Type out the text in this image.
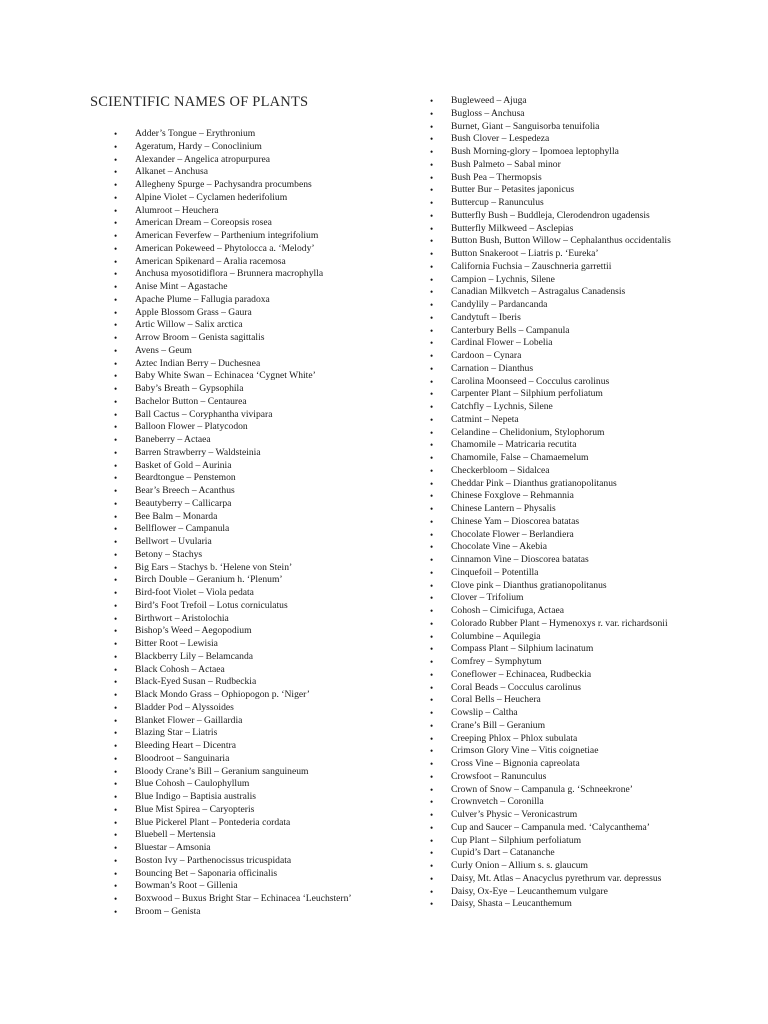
SCIENTIFIC NAMES OF PLANTS
• Adder’s Tongue – Erythronium
• Ageratum, Hardy – Conoclinium
• Alexander – Angelica atropurpurea
• Alkanet – Anchusa
• Allegheny Spurge – Pachysandra procumbens
• Alpine Violet – Cyclamen hederifolium
• Alumroot – Heuchera
• American Dream – Coreopsis rosea
• American Feverfew – Parthenium integrifolium
• American Pokeweed – Phytolocca a. ‘Melody’
• American Spikenard – Aralia racemosa
• Anchusa myosotidiflora – Brunnera macrophylla
• Anise Mint – Agastache
• Apache Plume – Fallugia paradoxa
• Apple Blossom Grass – Gaura
• Artic Willow – Salix arctica
• Arrow Broom – Genista sagittalis
• Avens – Geum
• Aztec Indian Berry – Duchesnea
• Baby White Swan – Echinacea ‘Cygnet White’
• Baby’s Breath – Gypsophila
• Bachelor Button – Centaurea
• Ball Cactus – Coryphantha vivipara
• Balloon Flower – Platycodon
• Baneberry – Actaea
• Barren Strawberry – Waldsteinia
• Basket of Gold – Aurinia
• Beardtongue – Penstemon
• Bear’s Breech – Acanthus
• Beautyberry – Callicarpa
• Bee Balm – Monarda
• Bellflower – Campanula
• Bellwort – Uvularia
• Betony – Stachys
• Big Ears – Stachys b. ‘Helene von Stein’
• Birch Double – Geranium h. ‘Plenum’
• Bird-foot Violet – Viola pedata
• Bird’s Foot Trefoil – Lotus corniculatus
• Birthwort – Aristolochia
• Bishop’s Weed – Aegopodium
• Bitter Root – Lewisia
• Blackberry Lily – Belamcanda
• Black Cohosh – Actaea
• Black-Eyed Susan – Rudbeckia
• Black Mondo Grass – Ophiopogon p. ‘Niger’
• Bladder Pod – Alyssoides
• Blanket Flower – Gaillardia
• Blazing Star – Liatris
• Bleeding Heart – Dicentra
• Bloodroot – Sanguinaria
• Bloody Crane’s Bill – Geranium sanguineum
• Blue Cohosh – Caulophyllum
• Blue Indigo – Baptisia australis
• Blue Mist Spirea – Caryopteris
• Blue Pickerel Plant – Pontederia cordata
• Bluebell – Mertensia
• Bluestar – Amsonia
• Boston Ivy – Parthenocissus tricuspidata
• Bouncing Bet – Saponaria officinalis
• Bowman’s Root – Gillenia
• Boxwood – Buxus Bright Star – Echinacea ‘Leuchstern’
• Broom – Genista
• Bugleweed – Ajuga
• Bugloss – Anchusa
• Burnet, Giant – Sanguisorba tenuifolia
• Bush Clover – Lespedeza
• Bush Morning-glory – Ipomoea leptophylla
• Bush Palmeto – Sabal minor
• Bush Pea – Thermopsis
• Butter Bur – Petasites japonicus
• Buttercup – Ranunculus
• Butterfly Bush – Buddleja, Clerodendron ugadensis
• Butterfly Milkweed – Asclepias
• Button Bush, Button Willow – Cephalanthus occidentalis
• Button Snakeroot – Liatris p. ‘Eureka’
• California Fuchsia – Zauschneria garrettii
• Campion – Lychnis, Silene
• Canadian Milkvetch – Astragalus Canadensis
• Candylily – Pardancanda
• Candytuft – Iberis
• Canterbury Bells – Campanula
• Cardinal Flower – Lobelia
• Cardoon – Cynara
• Carnation – Dianthus
• Carolina Moonseed – Cocculus carolinus
• Carpenter Plant – Silphium perfoliatum
• Catchfly – Lychnis, Silene
• Catmint – Nepeta
• Celandine – Chelidonium, Stylophorum
• Chamomile – Matricaria recutita
• Chamomile, False – Chamaemelum
• Checkerbloom – Sidalcea
• Cheddar Pink – Dianthus gratianopolitanus
• Chinese Foxglove – Rehmannia
• Chinese Lantern – Physalis
• Chinese Yam – Dioscorea batatas
• Chocolate Flower – Berlandiera
• Chocolate Vine – Akebia
• Cinnamon Vine – Dioscorea batatas
• Cinquefoil – Potentilla
• Clove pink – Dianthus gratianopolitanus
• Clover – Trifolium
• Cohosh – Cimicifuga, Actaea
• Colorado Rubber Plant – Hymenoxys r. var. richardsonii
• Columbine – Aquilegia
• Compass Plant – Silphium lacinatum
• Comfrey – Symphytum
• Coneflower – Echinacea, Rudbeckia
• Coral Beads – Cocculus carolinus
• Coral Bells – Heuchera
• Cowslip – Caltha
• Crane’s Bill – Geranium
• Creeping Phlox – Phlox subulata
• Crimson Glory Vine – Vitis coignetiae
• Cross Vine – Bignonia capreolata
• Crowsfoot – Ranunculus
• Crown of Snow – Campanula g. ‘Schneekrone’
• Crownvetch – Coronilla
• Culver’s Physic – Veronicastrum
• Cup and Saucer – Campanula med. ‘Calycanthema’
• Cup Plant – Silphium perfoliatum
• Cupid’s Dart – Catananche
• Curly Onion – Allium s. s. glaucum
• Daisy, Mt. Atlas – Anacyclus pyrethrum var. depressus
• Daisy, Ox-Eye – Leucanthemum vulgare
• Daisy, Shasta – Leucanthemum
